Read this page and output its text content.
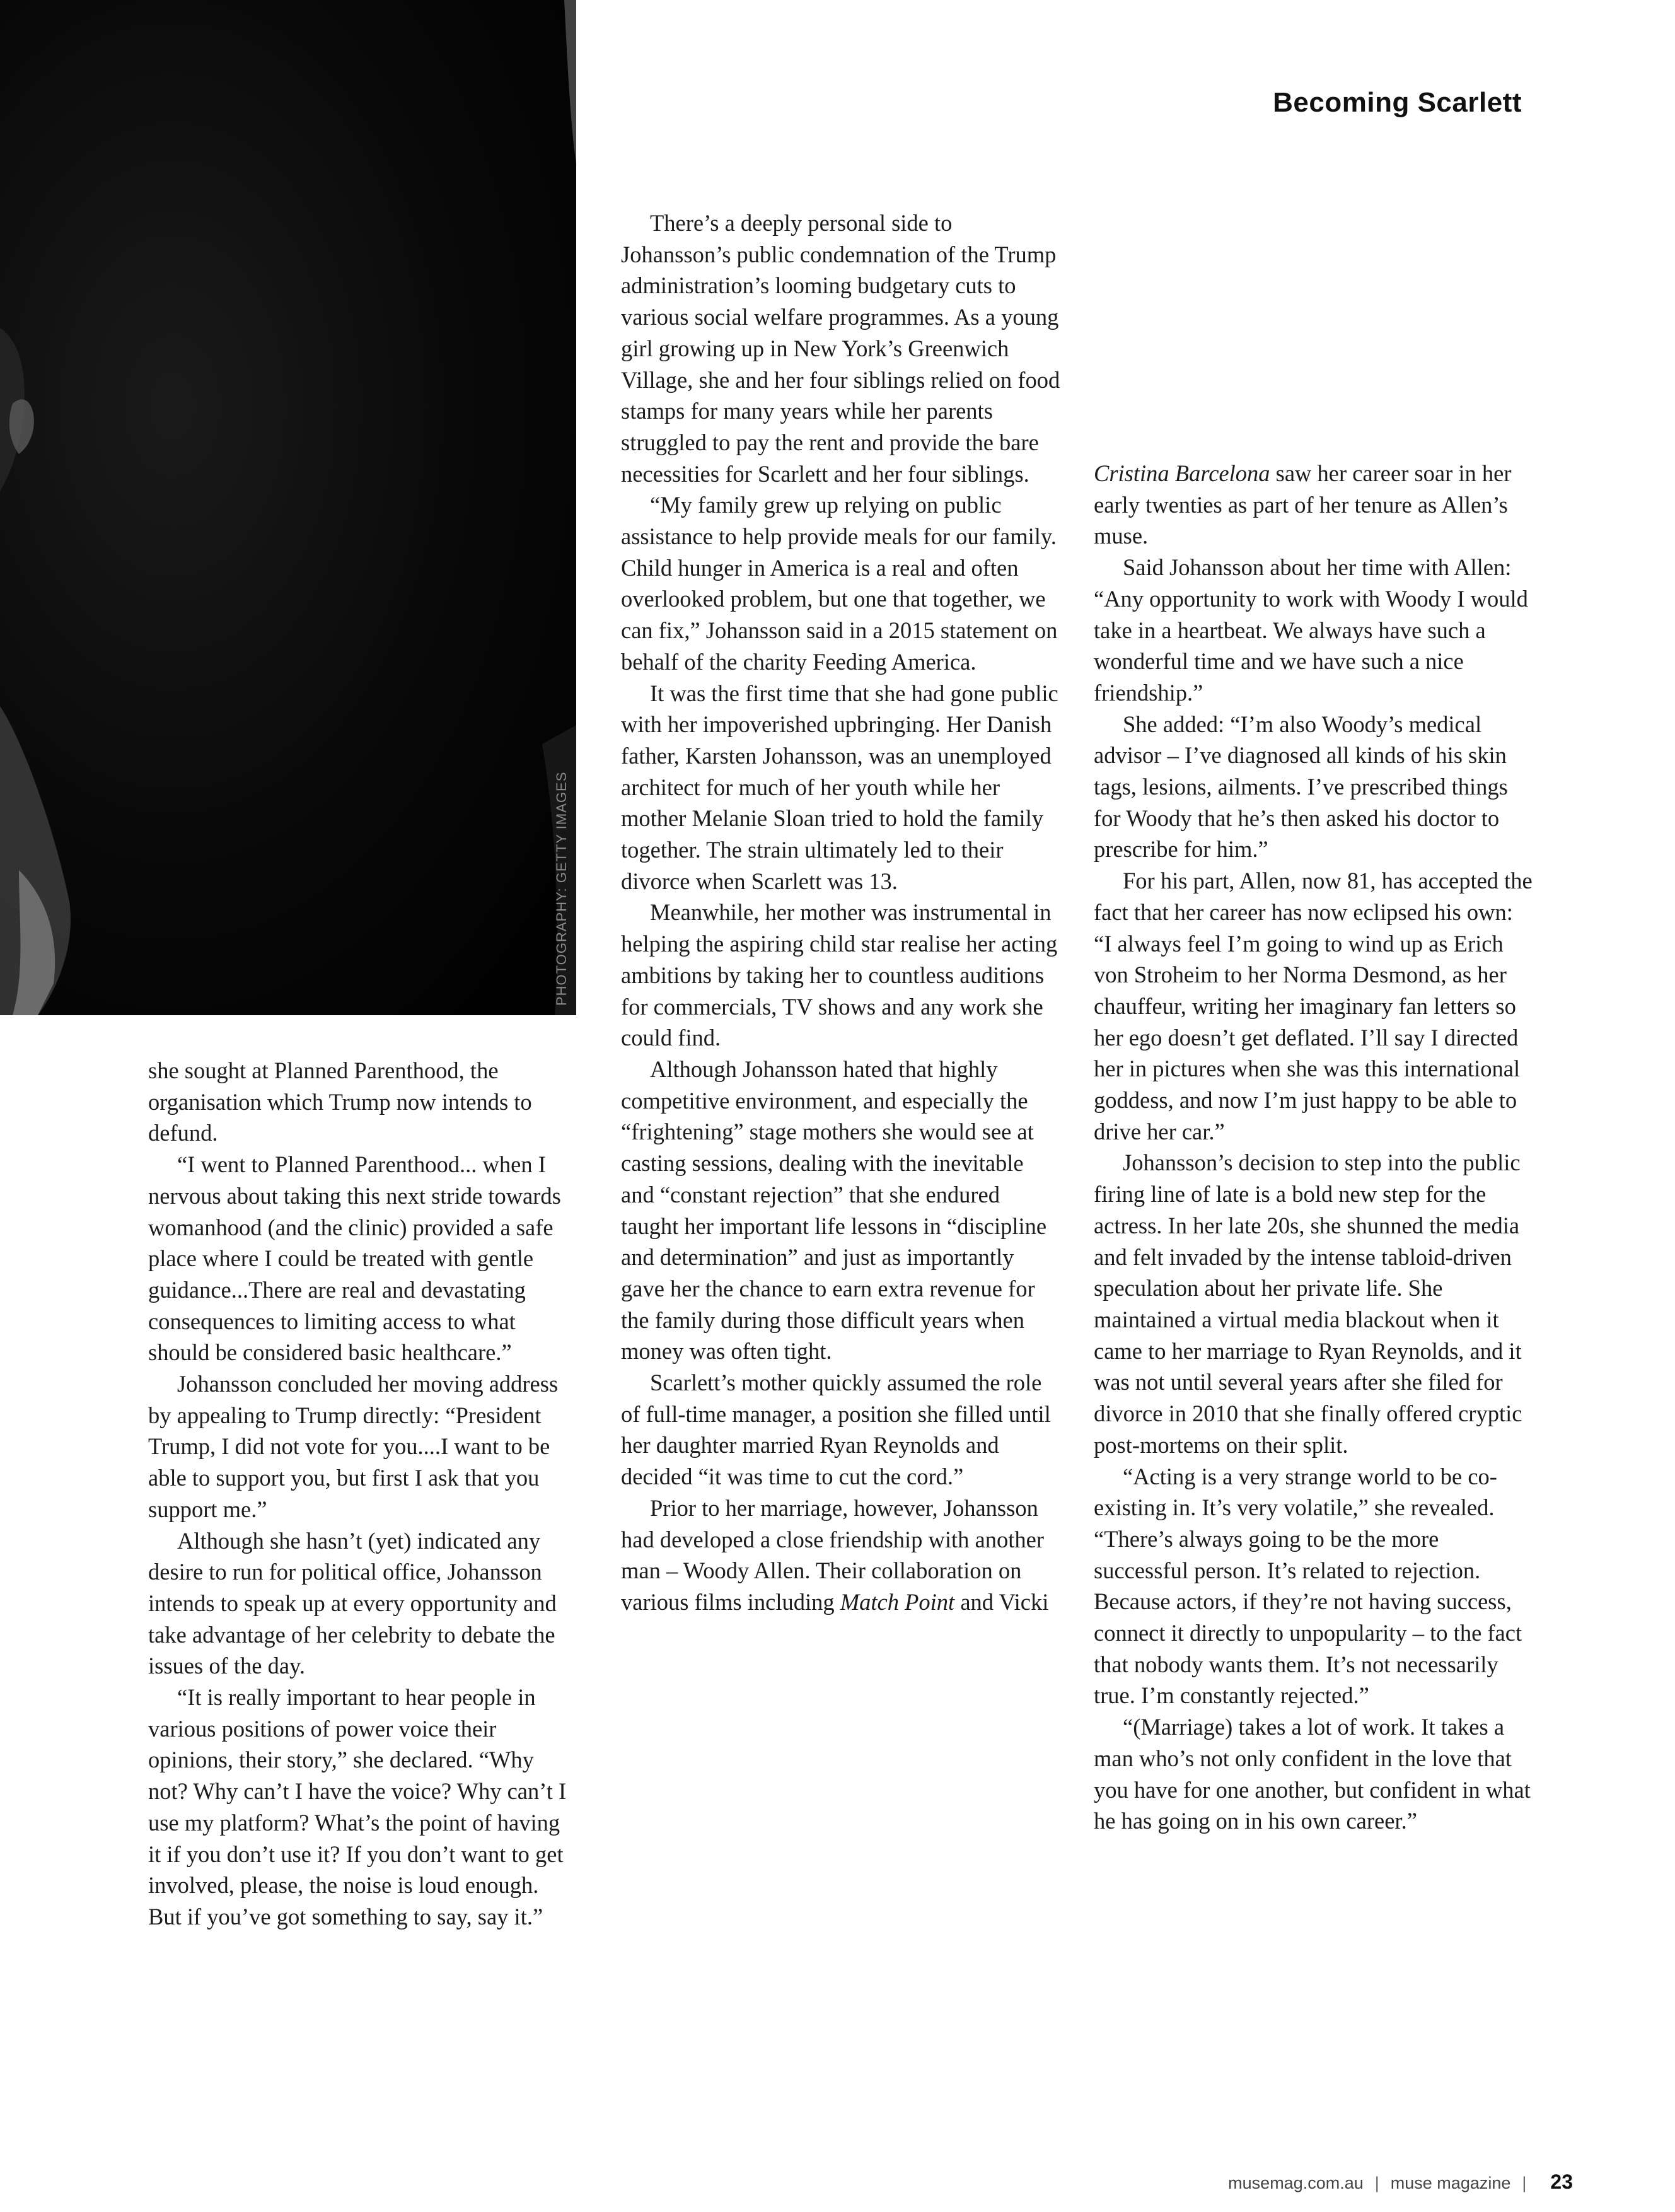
PHOTOGRAPHY: GETTY IMAGES
Becoming Scarlett

she sought at Planned Parenthood, the organisation which Trump now intends to defund.

“I went to Planned Parenthood... when I nervous about taking this next stride towards womanhood (and the clinic) provided a safe place where I could be treated with gentle guidance...There are real and devastating consequences to limiting access to what should be considered basic healthcare.”

Johansson concluded her moving address by appealing to Trump directly: “President Trump, I did not vote for you....I want to be able to support you, but first I ask that you support me.”

Although she hasn’t (yet) indicated any desire to run for political office, Johansson intends to speak up at every opportunity and take advantage of her celebrity to debate the issues of the day.

“It is really important to hear people in various positions of power voice their opinions, their story,” she declared. “Why not? Why can’t I have the voice? Why can’t I use my platform? What’s the point of having it if you don’t use it? If you don’t want to get involved, please, the noise is loud enough. But if you’ve got something to say, say it.”

There’s a deeply personal side to Johansson’s public condemnation of the Trump administration’s looming budgetary cuts to various social welfare programmes. As a young girl growing up in New York’s Greenwich Village, she and her four siblings relied on food stamps for many years while her parents struggled to pay the rent and provide the bare necessities for Scarlett and her four siblings.

“My family grew up relying on public assistance to help provide meals for our family. Child hunger in America is a real and often overlooked problem, but one that together, we can fix,” Johansson said in a 2015 statement on behalf of the charity Feeding America.

It was the first time that she had gone public with her impoverished upbringing. Her Danish father, Karsten Johansson, was an unemployed architect for much of her youth while her mother Melanie Sloan tried to hold the family together. The strain ultimately led to their divorce when Scarlett was 13.

Meanwhile, her mother was instrumental in helping the aspiring child star realise her acting ambitions by taking her to countless auditions for commercials, TV shows and any work she could find.

Although Johansson hated that highly competitive environment, and especially the “frightening” stage mothers she would see at casting sessions, dealing with the inevitable and “constant rejection” that she endured taught her important life lessons in “discipline and determination” and just as importantly gave her the chance to earn extra revenue for the family during those difficult years when money was often tight.

Scarlett’s mother quickly assumed the role of full-time manager, a position she filled until her daughter married Ryan Reynolds and decided “it was time to cut the cord.”

Prior to her marriage, however, Johansson had developed a close friendship with another man – Woody Allen. Their collaboration on various films including Match Point and Vicki

Cristina Barcelona saw her career soar in her early twenties as part of her tenure as Allen’s muse.

Said Johansson about her time with Allen: “Any opportunity to work with Woody I would take in a heartbeat. We always have such a wonderful time and we have such a nice friendship.”

She added: “I’m also Woody’s medical advisor – I’ve diagnosed all kinds of his skin tags, lesions, ailments. I’ve prescribed things for Woody that he’s then asked his doctor to prescribe for him.”

For his part, Allen, now 81, has accepted the fact that her career has now eclipsed his own: “I always feel I’m going to wind up as Erich von Stroheim to her Norma Desmond, as her chauffeur, writing her imaginary fan letters so her ego doesn’t get deflated. I’ll say I directed her in pictures when she was this international goddess, and now I’m just happy to be able to drive her car.”

Johansson’s decision to step into the public firing line of late is a bold new step for the actress. In her late 20s, she shunned the media and felt invaded by the intense tabloid-driven speculation about her private life. She maintained a virtual media blackout when it came to her marriage to Ryan Reynolds, and it was not until several years after she filed for divorce in 2010 that she finally offered cryptic post-mortems on their split.

“Acting is a very strange world to be co-existing in. It’s very volatile,” she revealed. “There’s always going to be the more successful person. It’s related to rejection. Because actors, if they’re not having success, connect it directly to unpopularity – to the fact that nobody wants them. It’s not necessarily true. I’m constantly rejected.”

“(Marriage) takes a lot of work. It takes a man who’s not only confident in the love that you have for one another, but confident in what he has going on in his own career.”

musemag.com.au | muse magazine | 23
